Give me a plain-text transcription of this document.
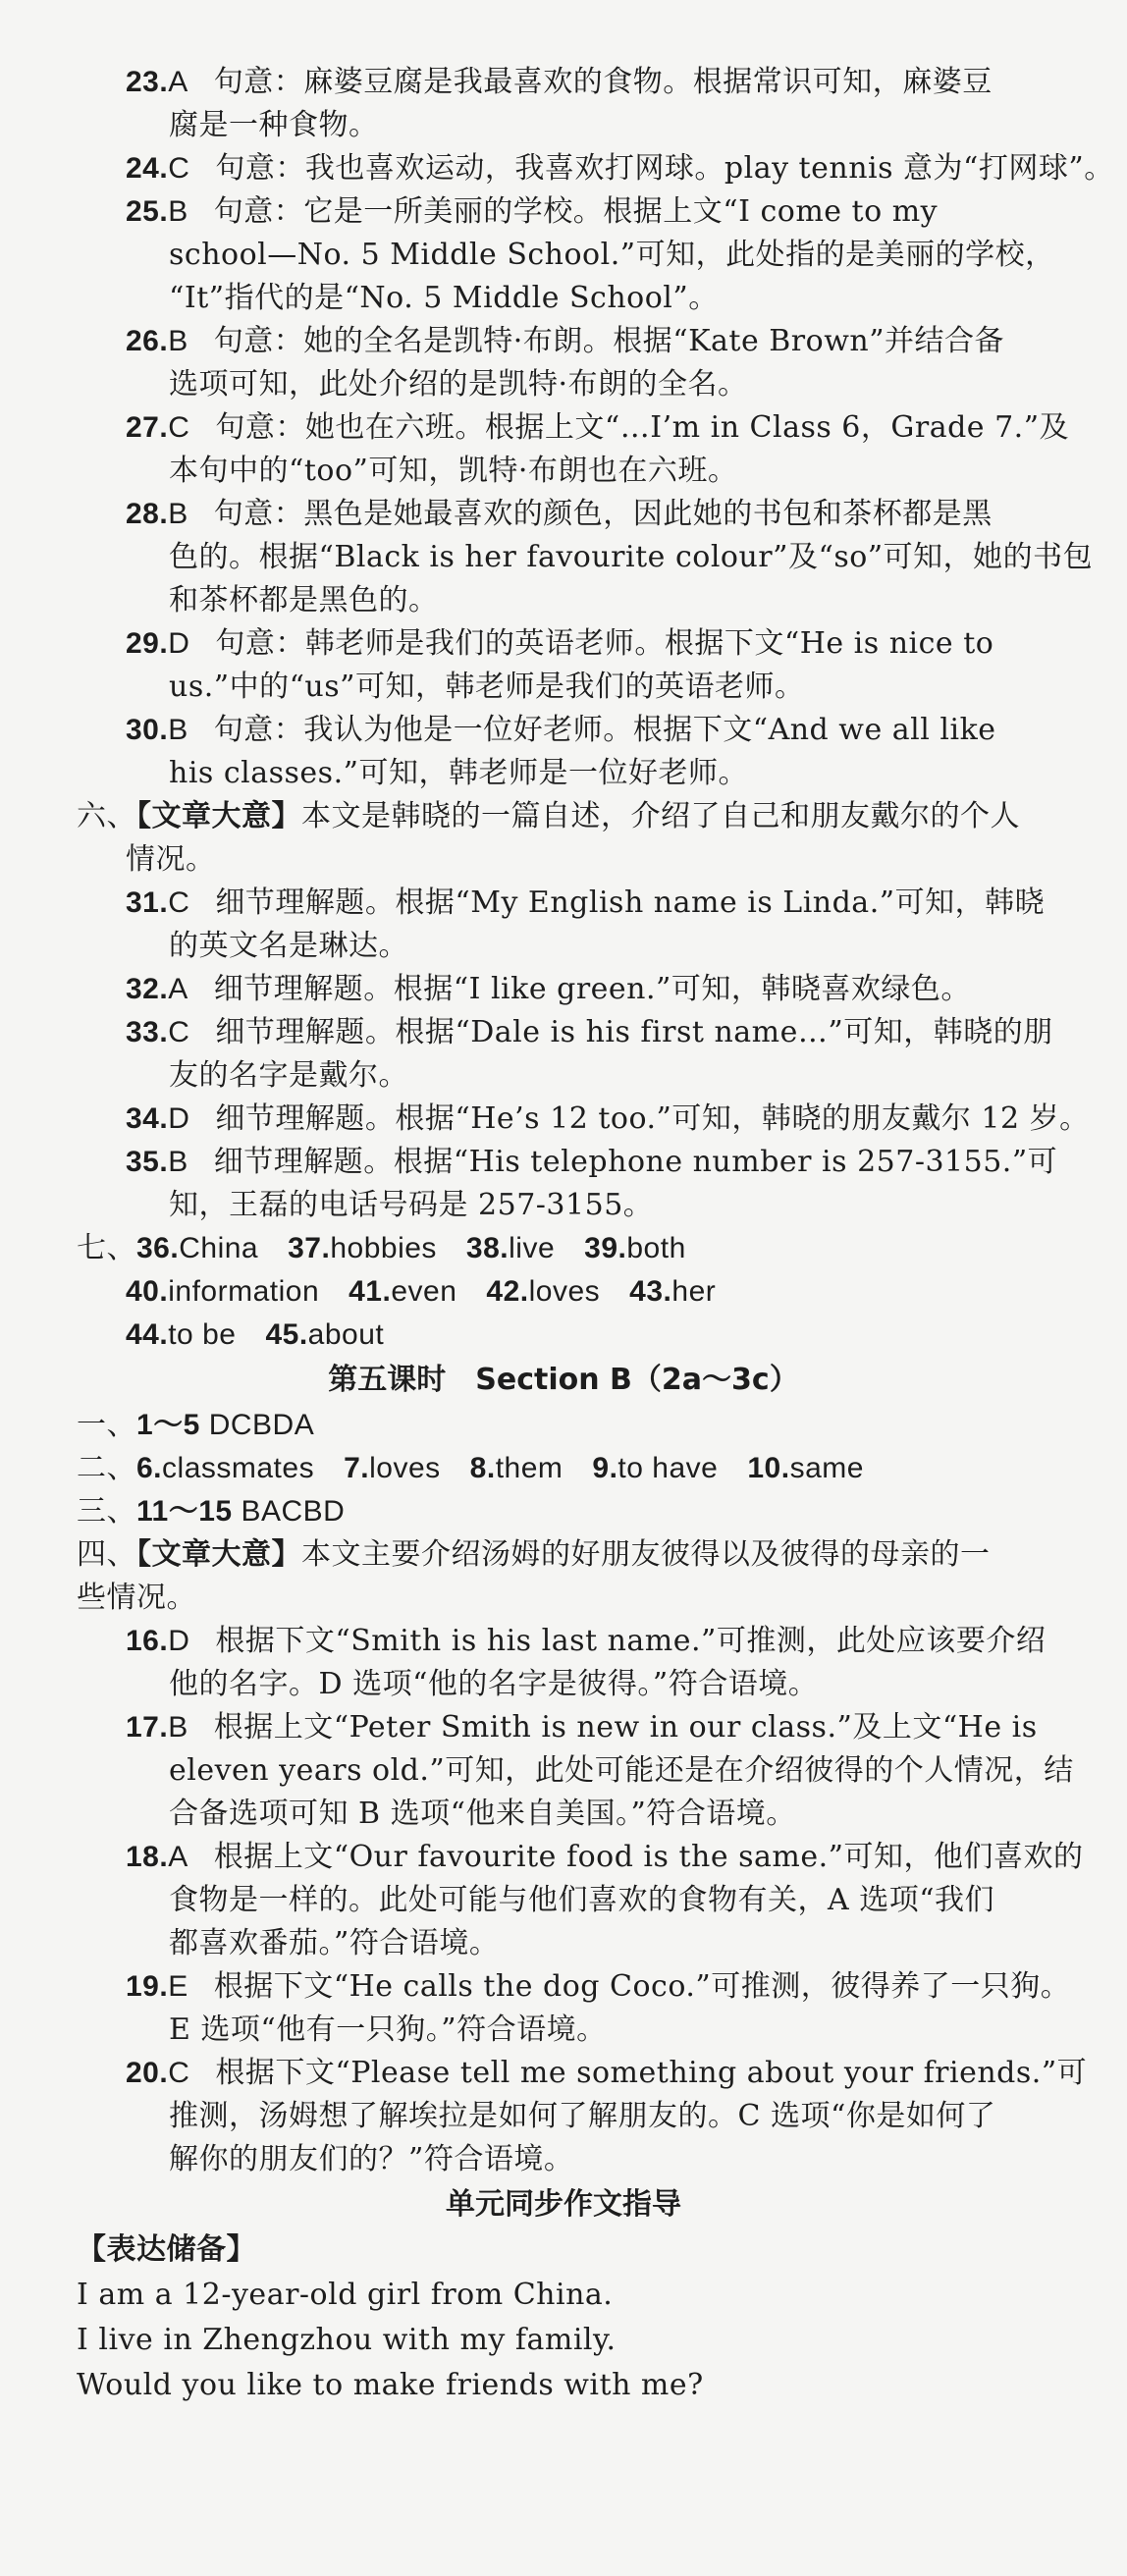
23.A 句意：麻婆豆腐是我最喜欢的食物。根据常识可知，麻婆豆
腐是一种食物。
24.C 句意：我也喜欢运动，我喜欢打网球。play tennis 意为“打网球”。
25.B 句意：它是一所美丽的学校。根据上文“I come to my
school—No. 5 Middle School.”可知，此处指的是美丽的学校，
“It”指代的是“No. 5 Middle School”。
26.B 句意：她的全名是凯特·布朗。根据“Kate Brown”并结合备
选项可知，此处介绍的是凯特·布朗的全名。
27.C 句意：她也在六班。根据上文“…I’m in Class 6，Grade 7.”及
本句中的“too”可知，凯特·布朗也在六班。
28.B 句意：黑色是她最喜欢的颜色，因此她的书包和茶杯都是黑
色的。根据“Black is her favourite colour”及“so”可知，她的书包
和茶杯都是黑色的。
29.D 句意：韩老师是我们的英语老师。根据下文“He is nice to
us.”中的“us”可知，韩老师是我们的英语老师。
30.B 句意：我认为他是一位好老师。根据下文“And we all like
his classes.”可知，韩老师是一位好老师。
六、【文章大意】本文是韩晓的一篇自述，介绍了自己和朋友戴尔的个人
情况。
31.C 细节理解题。根据“My English name is Linda.”可知，韩晓
的英文名是琳达。
32.A 细节理解题。根据“I like green.”可知，韩晓喜欢绿色。
33.C 细节理解题。根据“Dale is his first name…”可知，韩晓的朋
友的名字是戴尔。
34.D 细节理解题。根据“He’s 12 too.”可知，韩晓的朋友戴尔 12 岁。
35.B 细节理解题。根据“His telephone number is 257-3155.”可
知，王磊的电话号码是 257-3155。
七、36.China 37.hobbies 38.live 39.both
40.information 41.even 42.loves 43.her
44.to be 45.about
第五课时　Section B（2a～3c）
一、1～5 DCBDA
二、6.classmates 7.loves 8.them 9.to have 10.same
三、11～15 BACBD
四、【文章大意】本文主要介绍汤姆的好朋友彼得以及彼得的母亲的一
些情况。
16.D 根据下文“Smith is his last name.”可推测，此处应该要介绍
他的名字。D 选项“他的名字是彼得。”符合语境。
17.B 根据上文“Peter Smith is new in our class.”及上文“He is
eleven years old.”可知，此处可能还是在介绍彼得的个人情况，结
合备选项可知 B 选项“他来自美国。”符合语境。
18.A 根据上文“Our favourite food is the same.”可知，他们喜欢的
食物是一样的。此处可能与他们喜欢的食物有关，A 选项“我们
都喜欢番茄。”符合语境。
19.E 根据下文“He calls the dog Coco.”可推测，彼得养了一只狗。
E 选项“他有一只狗。”符合语境。
20.C 根据下文“Please tell me something about your friends.”可
推测，汤姆想了解埃拉是如何了解朋友的。C 选项“你是如何了
解你的朋友们的？”符合语境。
单元同步作文指导
【表达储备】
I am a 12-year-old girl from China.
I live in Zhengzhou with my family.
Would you like to make friends with me?
